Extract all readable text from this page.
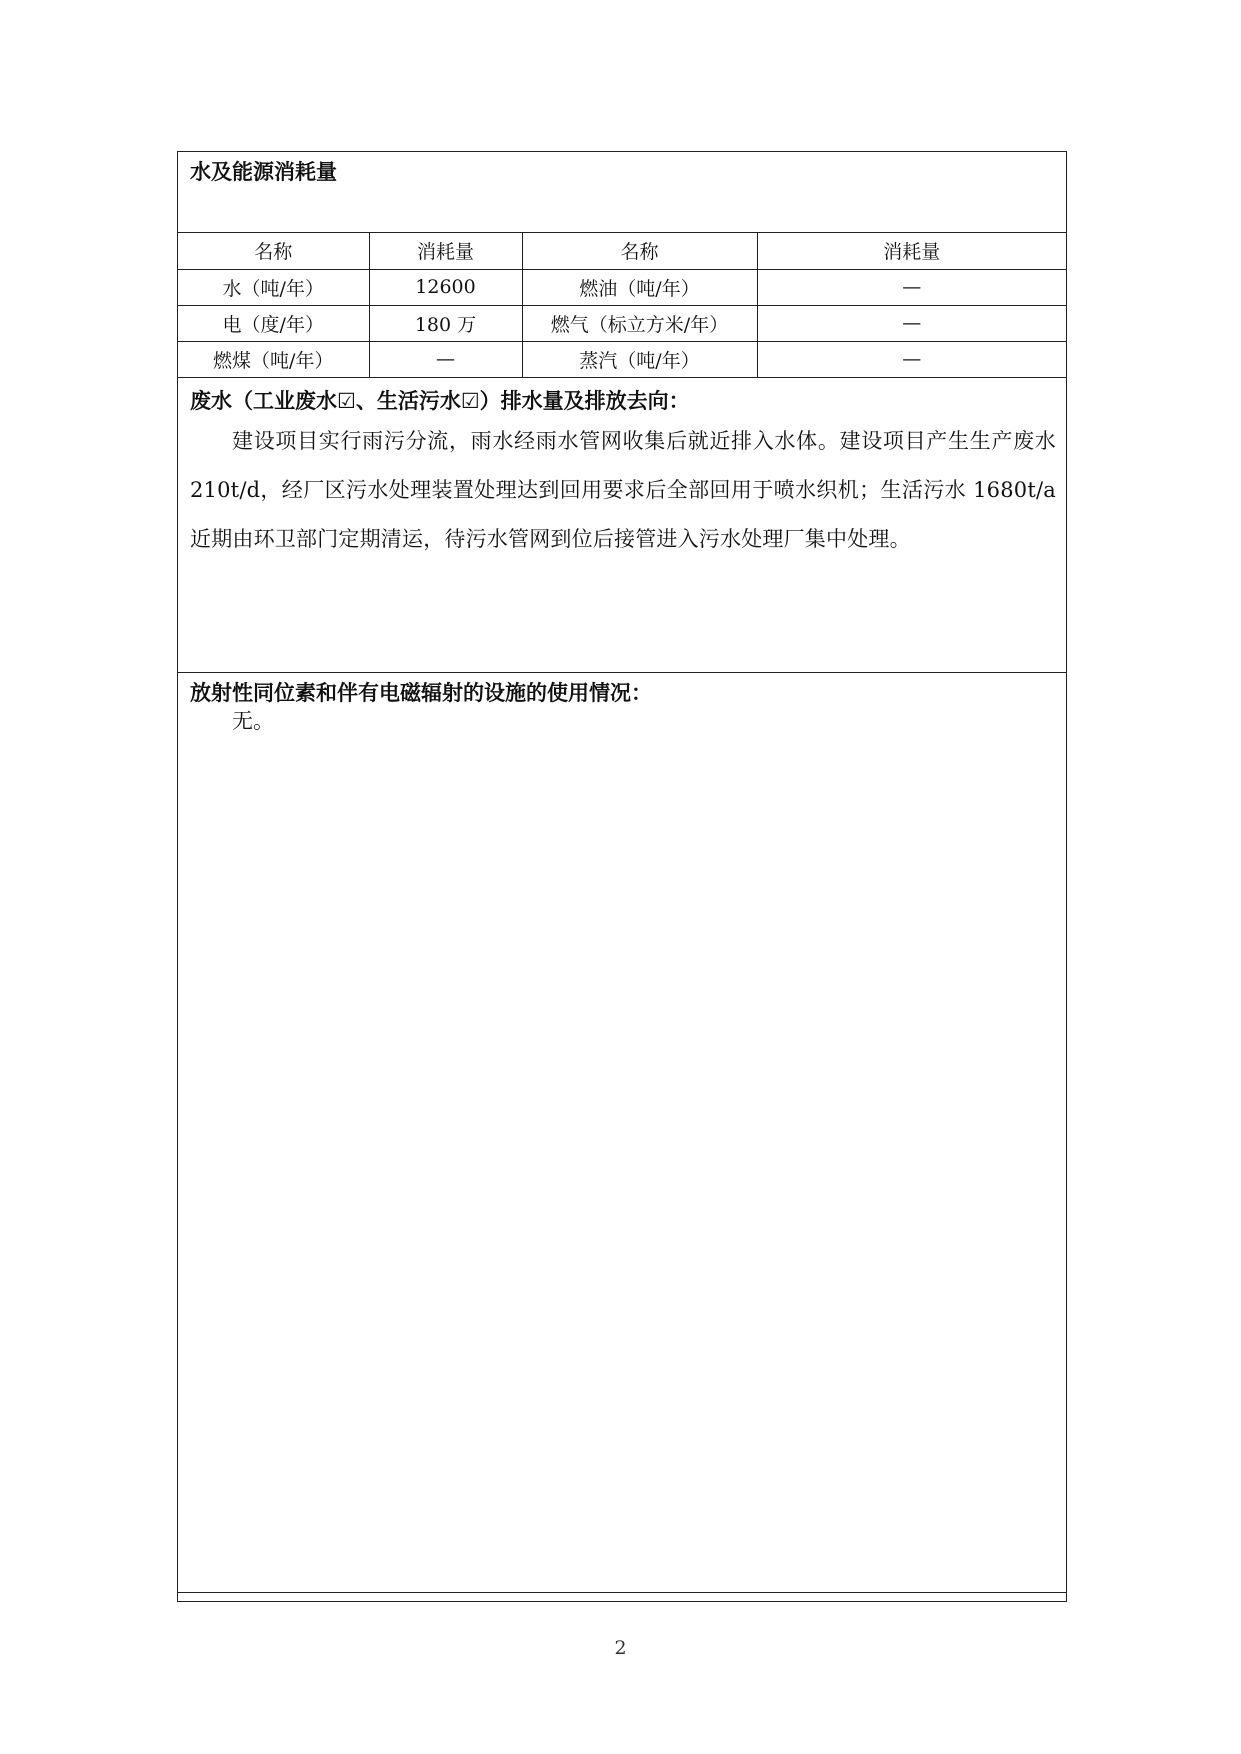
水及能源消耗量
名称	消耗量	名称	消耗量
水（吨/年）	12600	燃油（吨/年）	—
电（度/年）	180 万	燃气（标立方米/年）	—
燃煤（吨/年）	—	蒸汽（吨/年）	—
废水（工业废水☑、生活污水☑）排水量及排放去向：
建设项目实行雨污分流，雨水经雨水管网收集后就近排入水体。建设项目产生生产废水 210t/d，经厂区污水处理装置处理达到回用要求后全部回用于喷水织机；生活污水 1680t/a 近期由环卫部门定期清运，待污水管网到位后接管进入污水处理厂集中处理。
放射性同位素和伴有电磁辐射的设施的使用情况：
无。
2
